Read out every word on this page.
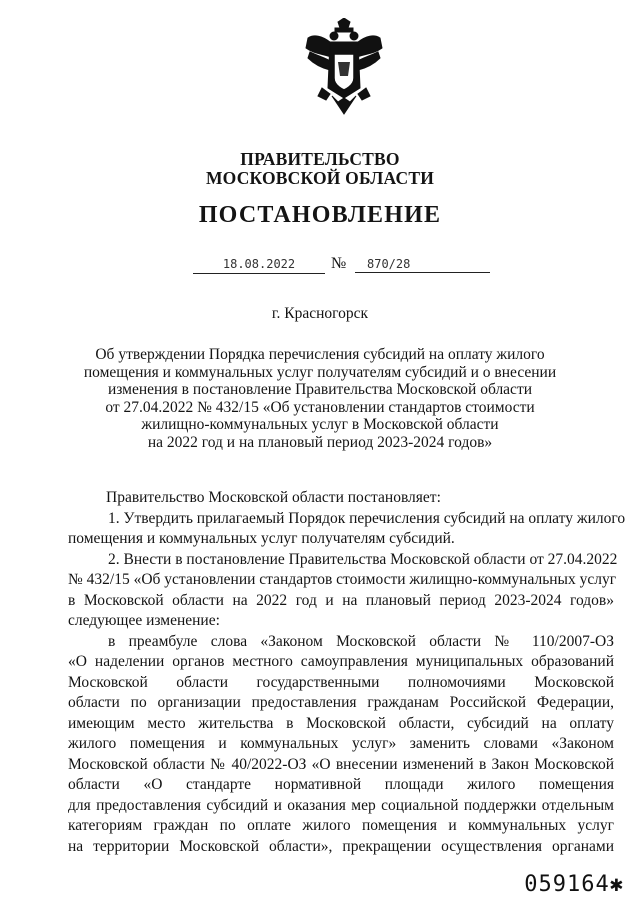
ПРАВИТЕЛЬСТВО
МОСКОВСКОЙ ОБЛАСТИ
ПОСТАНОВЛЕНИЕ
18.08.2022	№	870/28
г. Красногорск
Об утверждении Порядка перечисления субсидий на оплату жилого
помещения и коммунальных услуг получателям субсидий и о внесении
изменения в постановление Правительства Московской области
от 27.04.2022 № 432/15 «Об установлении стандартов стоимости
жилищно-коммунальных услуг в Московской области
на 2022 год и на плановый период 2023-2024 годов»
Правительство Московской области постановляет:
1. Утвердить прилагаемый Порядок перечисления субсидий на оплату жилого
помещения и коммунальных услуг получателям субсидий.
2. Внести в постановление Правительства Московской области от 27.04.2022
№ 432/15 «Об установлении стандартов стоимости жилищно-коммунальных услуг
в Московской области на 2022 год и на плановый период 2023-2024 годов»
следующее изменение:
в преамбуле слова «Законом Московской области № 110/2007-ОЗ
«О наделении органов местного самоуправления муниципальных образований
Московской области государственными полномочиями Московской
области по организации предоставления гражданам Российской Федерации,
имеющим место жительства в Московской области, субсидий на оплату
жилого помещения и коммунальных услуг» заменить словами «Законом
Московской области № 40/2022-ОЗ «О внесении изменений в Закон Московской
области «О стандарте нормативной площади жилого помещения
для предоставления субсидий и оказания мер социальной поддержки отдельным
категориям граждан по оплате жилого помещения и коммунальных услуг
на территории Московской области», прекращении осуществления органами
059164✱
